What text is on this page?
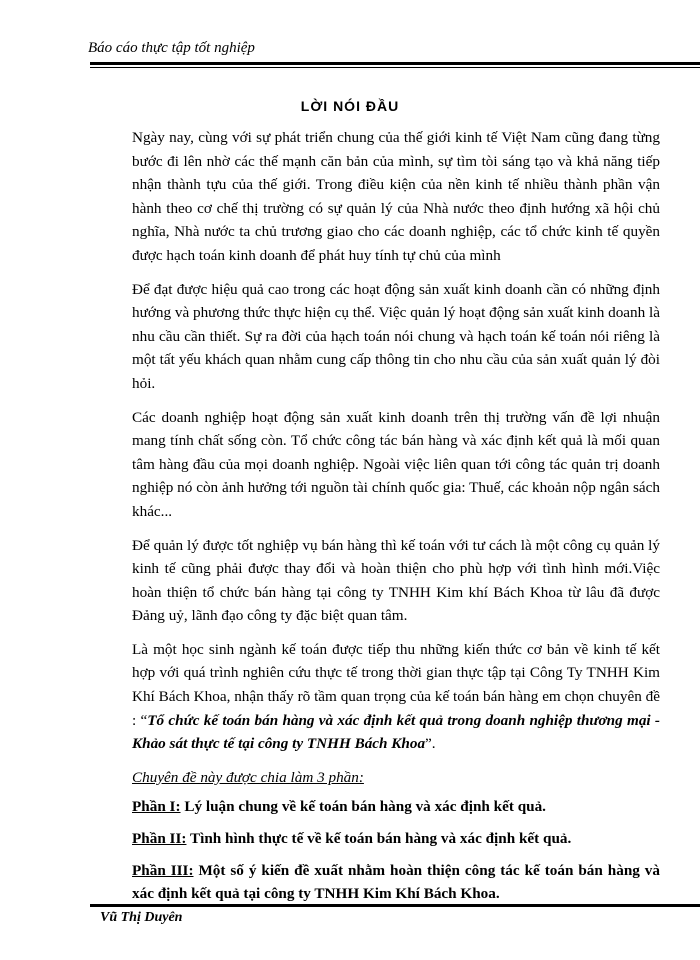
Báo cáo thực tập tốt nghiệp
LỜI NÓI ĐẦU

Ngày nay, cùng với sự phát triển chung của thế giới kinh tế Việt Nam cũng đang từng bước đi lên nhờ các thế mạnh căn bản của mình, sự tìm tòi sáng tạo và khả năng tiếp nhận thành tựu của thế giới. Trong điều kiện của nền kinh tế nhiều thành phần vận hành theo cơ chế thị trường có sự quản lý của Nhà nước theo định hướng xã hội chủ nghĩa, Nhà nước ta chủ trương giao cho các doanh nghiệp, các tổ chức kinh tế quyền được hạch toán kinh doanh để phát huy tính tự chủ của mình

Để đạt được hiệu quả cao trong các hoạt động sản xuất kinh doanh cần có những định hướng và phương thức thực hiện cụ thể. Việc quản lý hoạt động sản xuất kinh doanh là nhu cầu cần thiết. Sự ra đời của hạch toán nói chung và hạch toán kế toán nói riêng là một tất yếu khách quan nhằm cung cấp thông tin cho nhu cầu của sản xuất quản lý đòi hỏi.

Các doanh nghiệp hoạt động sản xuất kinh doanh trên thị trường vấn đề lợi nhuận mang tính chất sống còn. Tổ chức công tác bán hàng và xác định kết quả là mối quan tâm hàng đầu của mọi doanh nghiệp. Ngoài việc liên quan tới công tác quản trị doanh nghiệp nó còn ảnh hưởng tới nguồn tài chính quốc gia: Thuế, các khoản nộp ngân sách khác...

Để quản lý được tốt nghiệp vụ bán hàng thì kế toán với tư cách là một công cụ quản lý kinh tế cũng phải được thay đổi và hoàn thiện cho phù hợp với tình hình mới.Việc hoàn thiện tổ chức bán hàng tại công ty TNHH Kim khí Bách Khoa từ lâu đã được Đảng uỷ, lãnh đạo công ty đặc biệt quan tâm.

Là một học sinh ngành kế toán được tiếp thu những kiến thức cơ bản về kinh tế kết hợp với quá trình nghiên cứu thực tế trong thời gian thực tập tại Công Ty TNHH Kim Khí Bách Khoa, nhận thấy rõ tầm quan trọng của kế toán bán hàng em chọn chuyên đề : “Tổ chức kế toán bán hàng và xác định kết quả trong doanh nghiệp thương mại - Khảo sát thực tế tại công ty TNHH Bách Khoa”.

Chuyên đề này được chia làm 3 phần:

Phần I: Lý luận chung về kế toán bán hàng và xác định kết quả.

Phần II: Tình hình thực tế về kế toán bán hàng và xác định kết quả.

Phần III: Một số ý kiến đề xuất nhằm hoàn thiện công tác kế toán bán hàng và xác định kết quả tại công ty TNHH Kim Khí Bách Khoa.

Vũ Thị Duyên
